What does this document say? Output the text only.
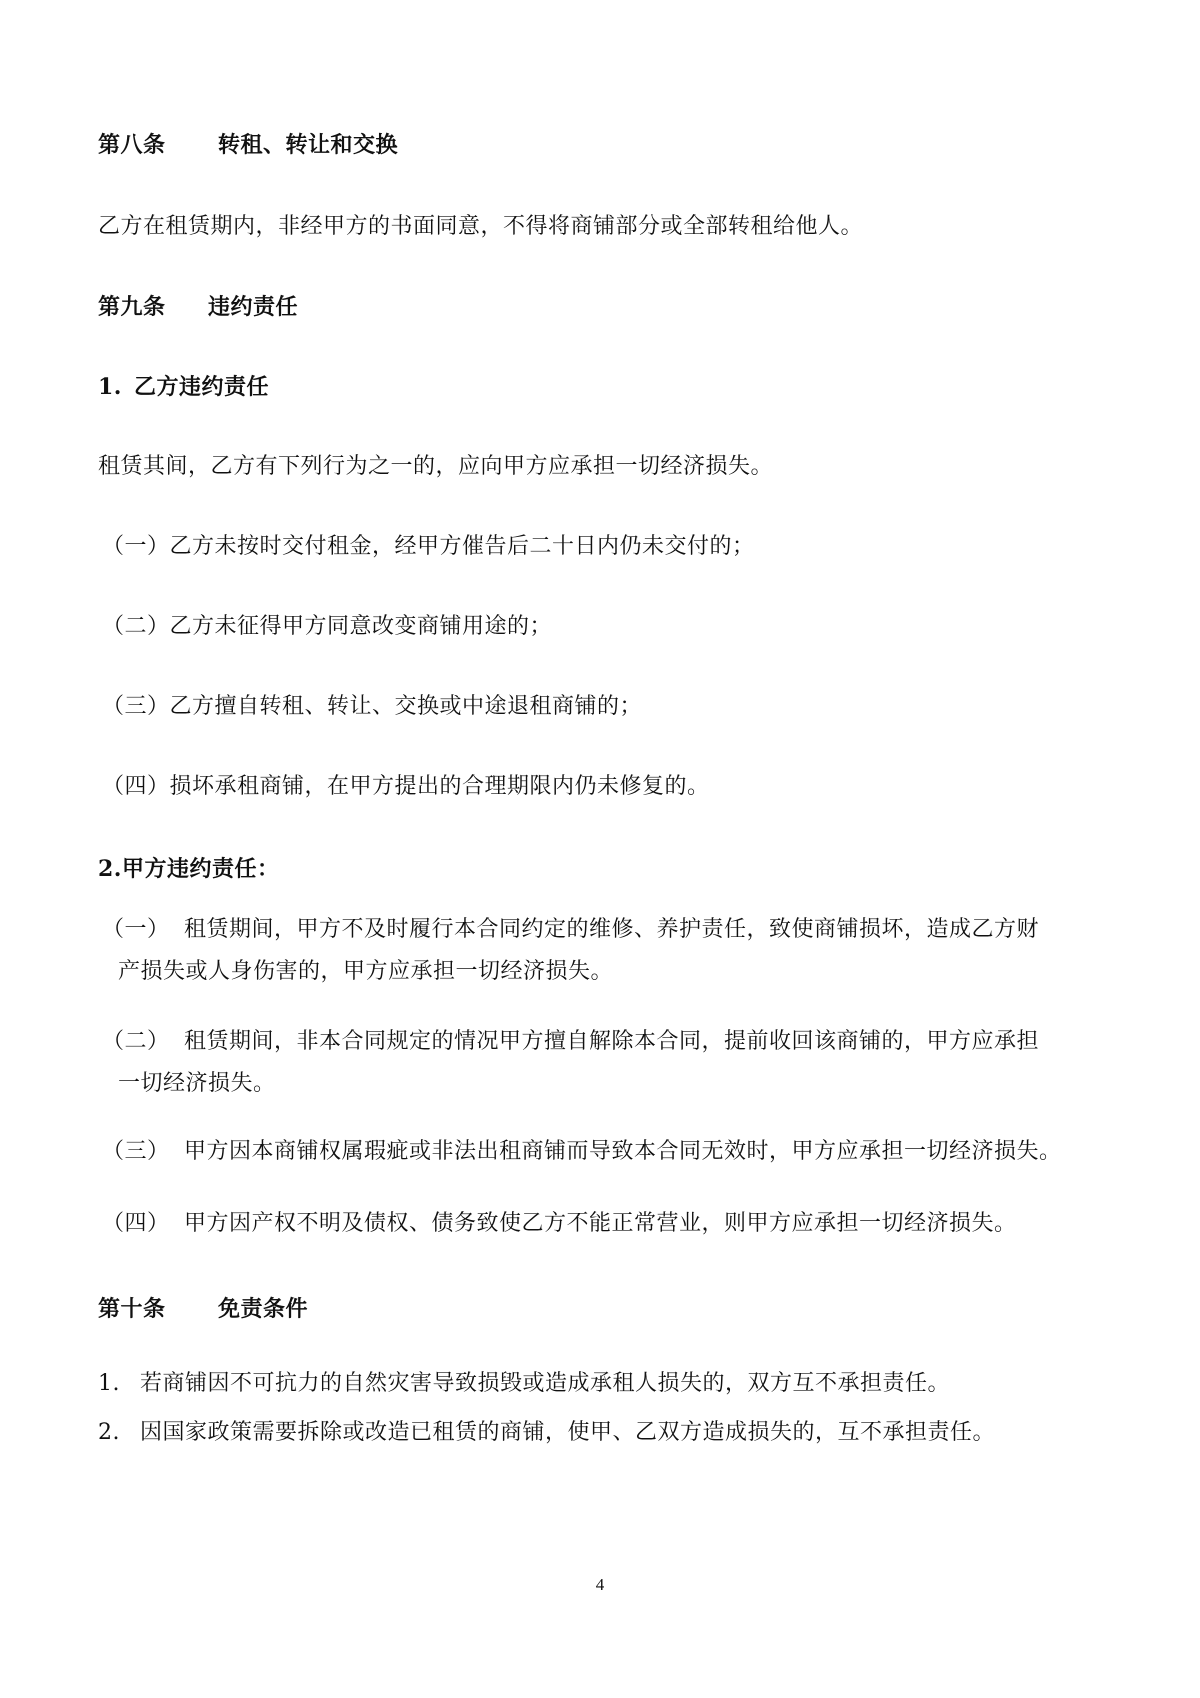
第八条 转租、转让和交换
乙方在租赁期内，非经甲方的书面同意，不得将商铺部分或全部转租给他人。
第九条 违约责任
1. 乙方违约责任
租赁其间，乙方有下列行为之一的，应向甲方应承担一切经济损失。
（一）乙方未按时交付租金，经甲方催告后二十日内仍未交付的；
（二）乙方未征得甲方同意改变商铺用途的；
（三）乙方擅自转租、转让、交换或中途退租商铺的；
（四）损坏承租商铺，在甲方提出的合理期限内仍未修复的。
2.甲方违约责任：
（一） 租赁期间，甲方不及时履行本合同约定的维修、养护责任，致使商铺损坏，造成乙方财
产损失或人身伤害的，甲方应承担一切经济损失。
（二） 租赁期间，非本合同规定的情况甲方擅自解除本合同，提前收回该商铺的，甲方应承担
一切经济损失。
（三） 甲方因本商铺权属瑕疵或非法出租商铺而导致本合同无效时，甲方应承担一切经济损失。
（四） 甲方因产权不明及债权、债务致使乙方不能正常营业，则甲方应承担一切经济损失。
第十条 免责条件
1. 若商铺因不可抗力的自然灾害导致损毁或造成承租人损失的，双方互不承担责任。
2. 因国家政策需要拆除或改造已租赁的商铺，使甲、乙双方造成损失的，互不承担责任。
4
